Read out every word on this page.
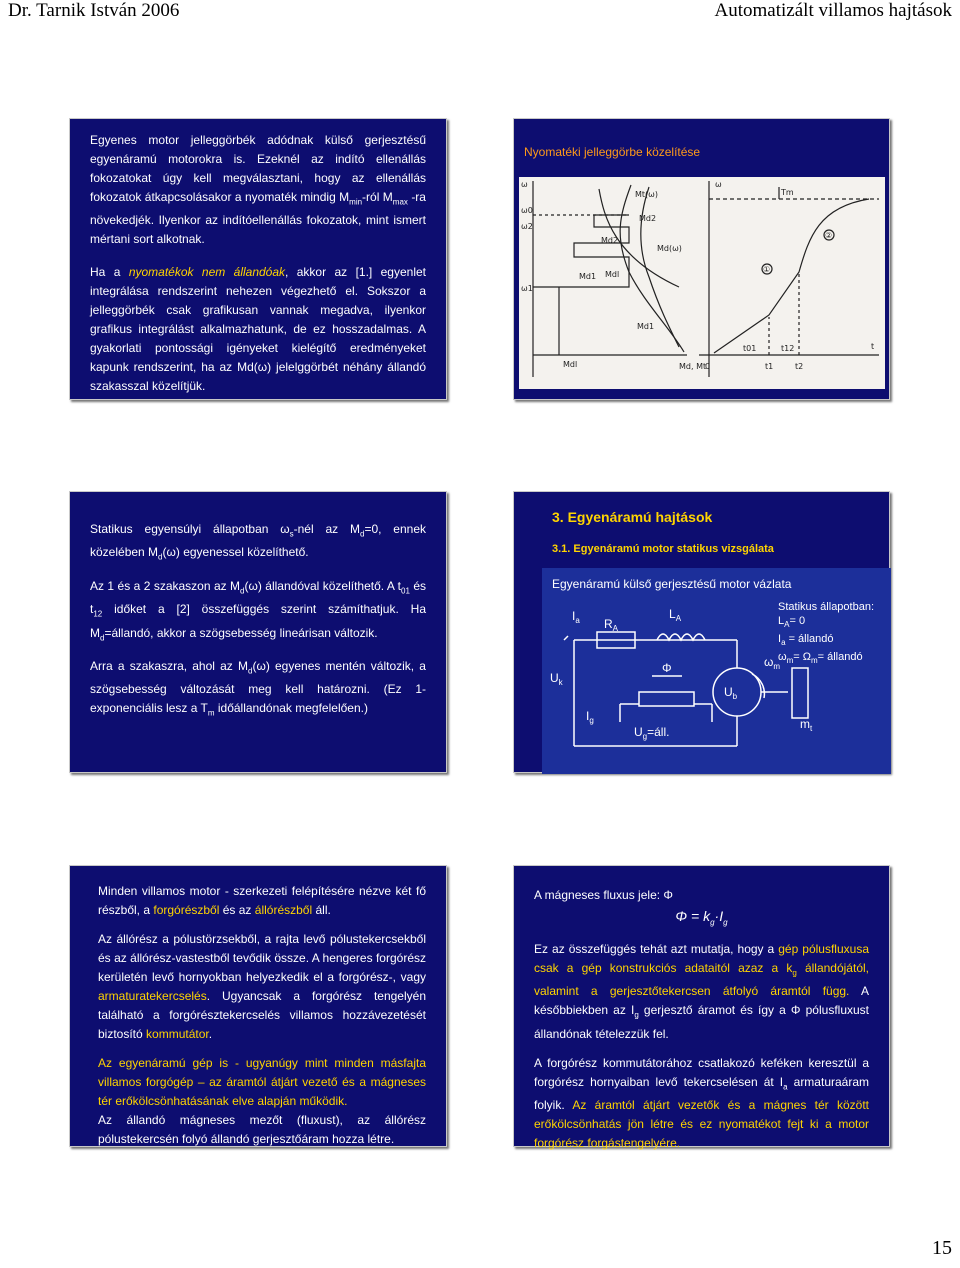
Dr. Tarnik István 2006	Automatizált villamos hajtások

Egyenes motor jelleggörbék adódnak külső gerjesztésű egyenáramú motorokra is. Ezeknél az indító ellenállás fokozatokat úgy kell megválasztani, hogy az ellenállás fokozatok átkapcsolásakor a nyomaték mindig $M_{min}$-ról $M_{max}$ -ra növekedjék. Ilyenkor az indítóellenállás fokozatok, mint ismert mértani sort alkotnak.

Ha a nyomatékok nem állandóak, akkor az [1.] egyenlet integrálása rendszerint nehezen végezhető el. Sokszor a jelleggörbék csak grafikusan vannak megadva, ilyenkor grafikus integrálást alkalmazhatunk, de ez hosszadalmas. A gyakorlati pontossági igényeket kielégítő eredményeket kapunk rendszerint, ha az Md(ω) jelelggörbét néhány állandó szakasszal közelítjük.

Nyomatéki jelleggörbe közelítése
ω
ω0
ω2
ω1
Mdl
Md1
Md2
Mdl
Mt(ω)
Md(ω)
Md2
Md1
ω
Tm
②
①
t01	t12	t
0	t1	t2
Md, Mt

Statikus egyensúlyi állapotban $\omega_s$-nél az $M_d=0$, ennek közelében $M_d(\omega)$ egyenessel közelíthető.

Az 1 és a 2 szakaszon az $M_d(\omega)$ állandóval közelíthető. A $t_{01}$ és $t_{12}$ időket a [2] összefüggés szerint számíthatjuk. Ha $M_d=állandó$, akkor a szögsebesség lineárisan változik.

Arra a szakaszra, ahol az $M_d(\omega)$ egyenes mentén változik, a szögsebesség változását meg kell határozni. (Ez 1-exponenciális lesz a $T_m$ időállandónak megfelelően.)

3. Egyenáramú hajtások
3.1. Egyenáramú motor statikus vizsgálata
Egyenáramú külső gerjesztésű motor vázlata
$I_a$ $R_A$
$L_A$
$U_k$
Φ
$U_b$
$\omega_m$
$I_g$
$U_g=áll$.
$m_t$
Statikus állapotban:
$L_A= 0$
$I_a$ = állandó
$\omega_m= \Omega_m=$ állandó

Minden villamos motor - szerkezeti felépítésére nézve két fő részből, a forgórészből és az állórészből áll.

Az állórész a pólustörzsekből, a rajta levő pólustekercsekből és az állórész-vastestből tevődik össze. A hengeres forgórész kerületén levő hornyokban helyezkedik el a forgórész-, vagy armaturatekercselés. Ugyancsak a forgórész tengelyén található a forgórésztekercselés villamos hozzávezetését biztosító kommutátor.

Az egyenáramú gép is - ugyanúgy mint minden másfajta villamos forgógép – az áramtól átjárt vezető és a mágneses tér erőkölcsönhatásának elve alapján működik.

Az állandó mágneses mezőt (fluxust), az állórész pólustekercsén folyó állandó gerjesztőáram hozza létre.

A mágneses fluxus jele: Φ

$\Phi = k_g\cdot I_g$

Ez az összefüggés tehát azt mutatja, hogy a gép pólusfluxusa csak a gép konstrukciós adataitól azaz a $k_g$ állandójától, valamint a gerjesztőtekercsen átfolyó áramtól függ. A későbbiekben az $I_g$ gerjesztő áramot és így a Φ pólusfluxust állandónak tételezzük fel.

A forgórész kommutátorához csatlakozó keféken keresztül a forgórész hornyaiban levő tekercselésen át $I_a$ armaturaáram folyik. Az áramtól átjárt vezetők és a mágnes tér között erőkölcsönhatás jön létre és ez nyomatékot fejt ki a motor forgórész forgástengelyére.

15
